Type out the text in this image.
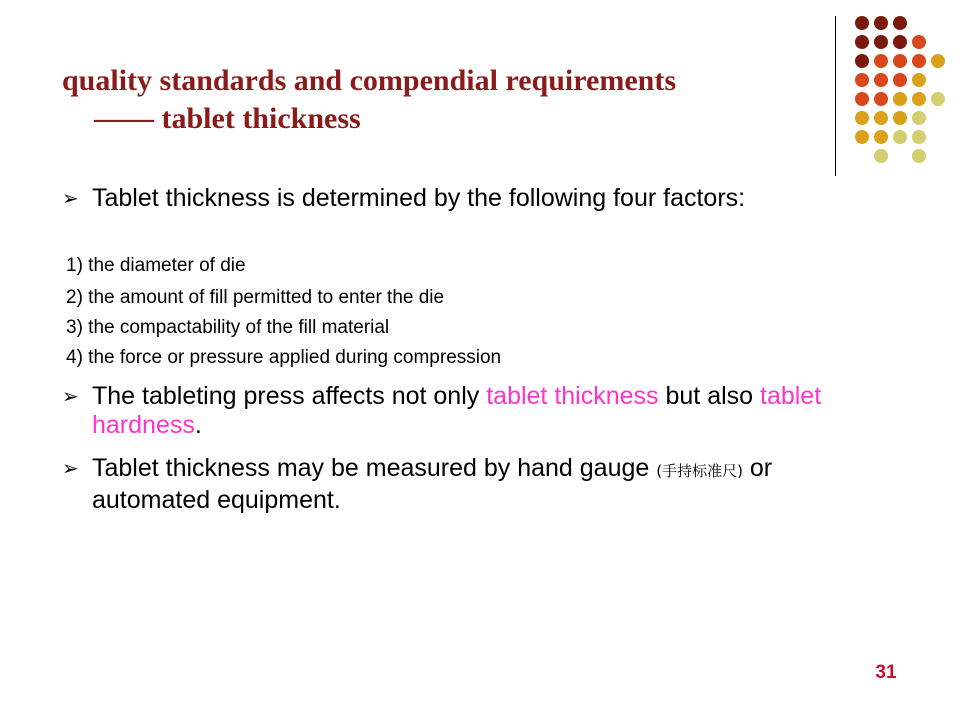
quality standards and compendial requirements
—— tablet thickness
➢ Tablet thickness is determined by the following four factors:
1) the diameter of die
2) the amount of fill permitted to enter the die
3) the compactability of the fill material
4) the force or pressure applied during compression
➢ The tableting press affects not only tablet thickness but also tablet hardness.
➢ Tablet thickness may be measured by hand gauge (手持标准尺) or automated equipment.
31
